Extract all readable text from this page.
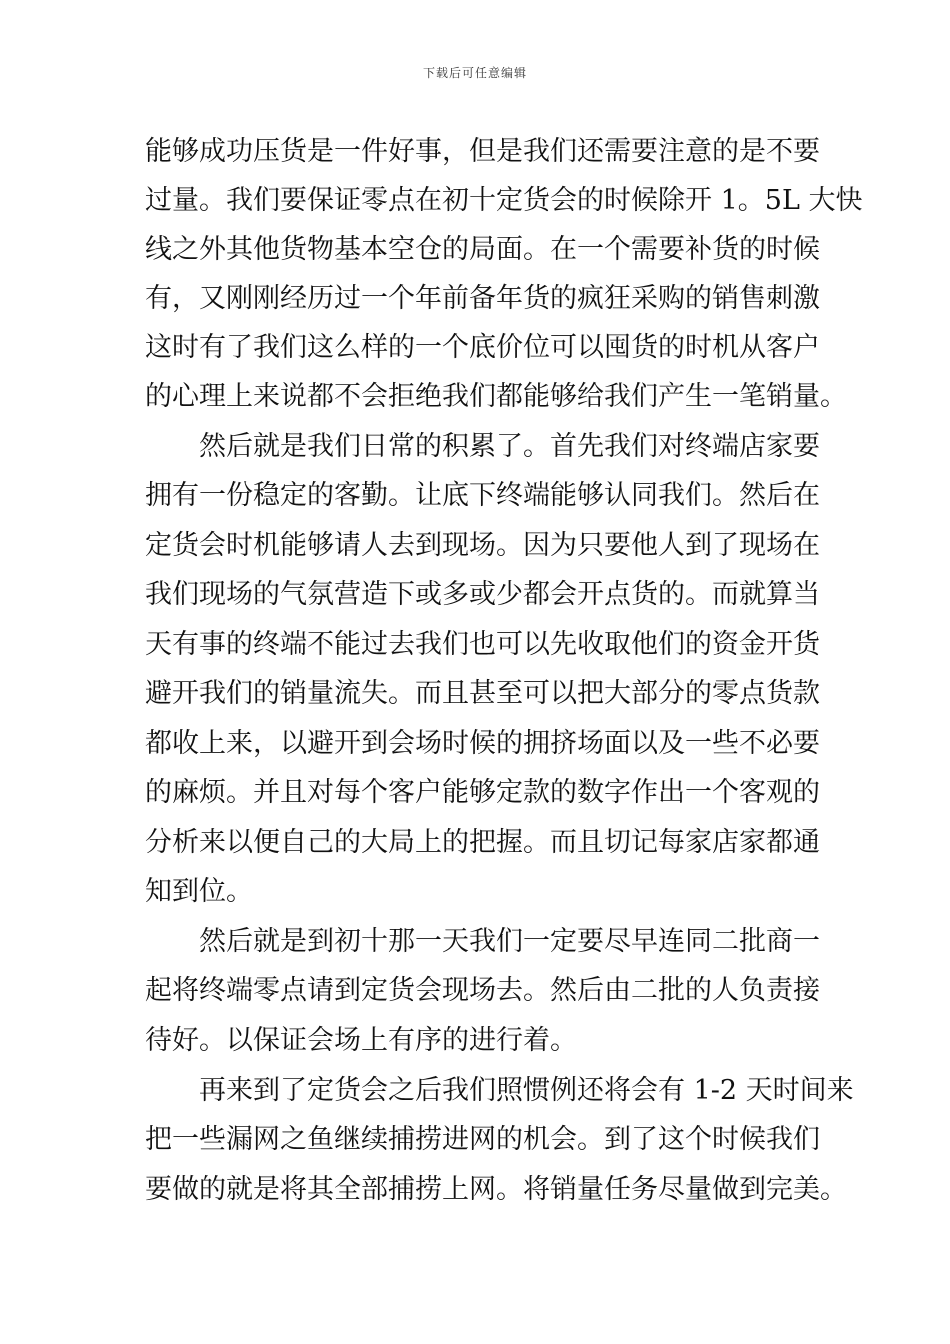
下载后可任意编辑
能够成功压货是一件好事，但是我们还需要注意的是不要
过量。我们要保证零点在初十定货会的时候除开 1。5L 大快
线之外其他货物基本空仓的局面。在一个需要补货的时候
有，又刚刚经历过一个年前备年货的疯狂采购的销售刺激
这时有了我们这么样的一个底价位可以囤货的时机从客户
的心理上来说都不会拒绝我们都能够给我们产生一笔销量。
然后就是我们日常的积累了。首先我们对终端店家要
拥有一份稳定的客勤。让底下终端能够认同我们。然后在
定货会时机能够请人去到现场。因为只要他人到了现场在
我们现场的气氛营造下或多或少都会开点货的。而就算当
天有事的终端不能过去我们也可以先收取他们的资金开货
避开我们的销量流失。而且甚至可以把大部分的零点货款
都收上来，以避开到会场时候的拥挤场面以及一些不必要
的麻烦。并且对每个客户能够定款的数字作出一个客观的
分析来以便自己的大局上的把握。而且切记每家店家都通
知到位。
然后就是到初十那一天我们一定要尽早连同二批商一
起将终端零点请到定货会现场去。然后由二批的人负责接
待好。以保证会场上有序的进行着。
再来到了定货会之后我们照惯例还将会有 1-2 天时间来
把一些漏网之鱼继续捕捞进网的机会。到了这个时候我们
要做的就是将其全部捕捞上网。将销量任务尽量做到完美。
